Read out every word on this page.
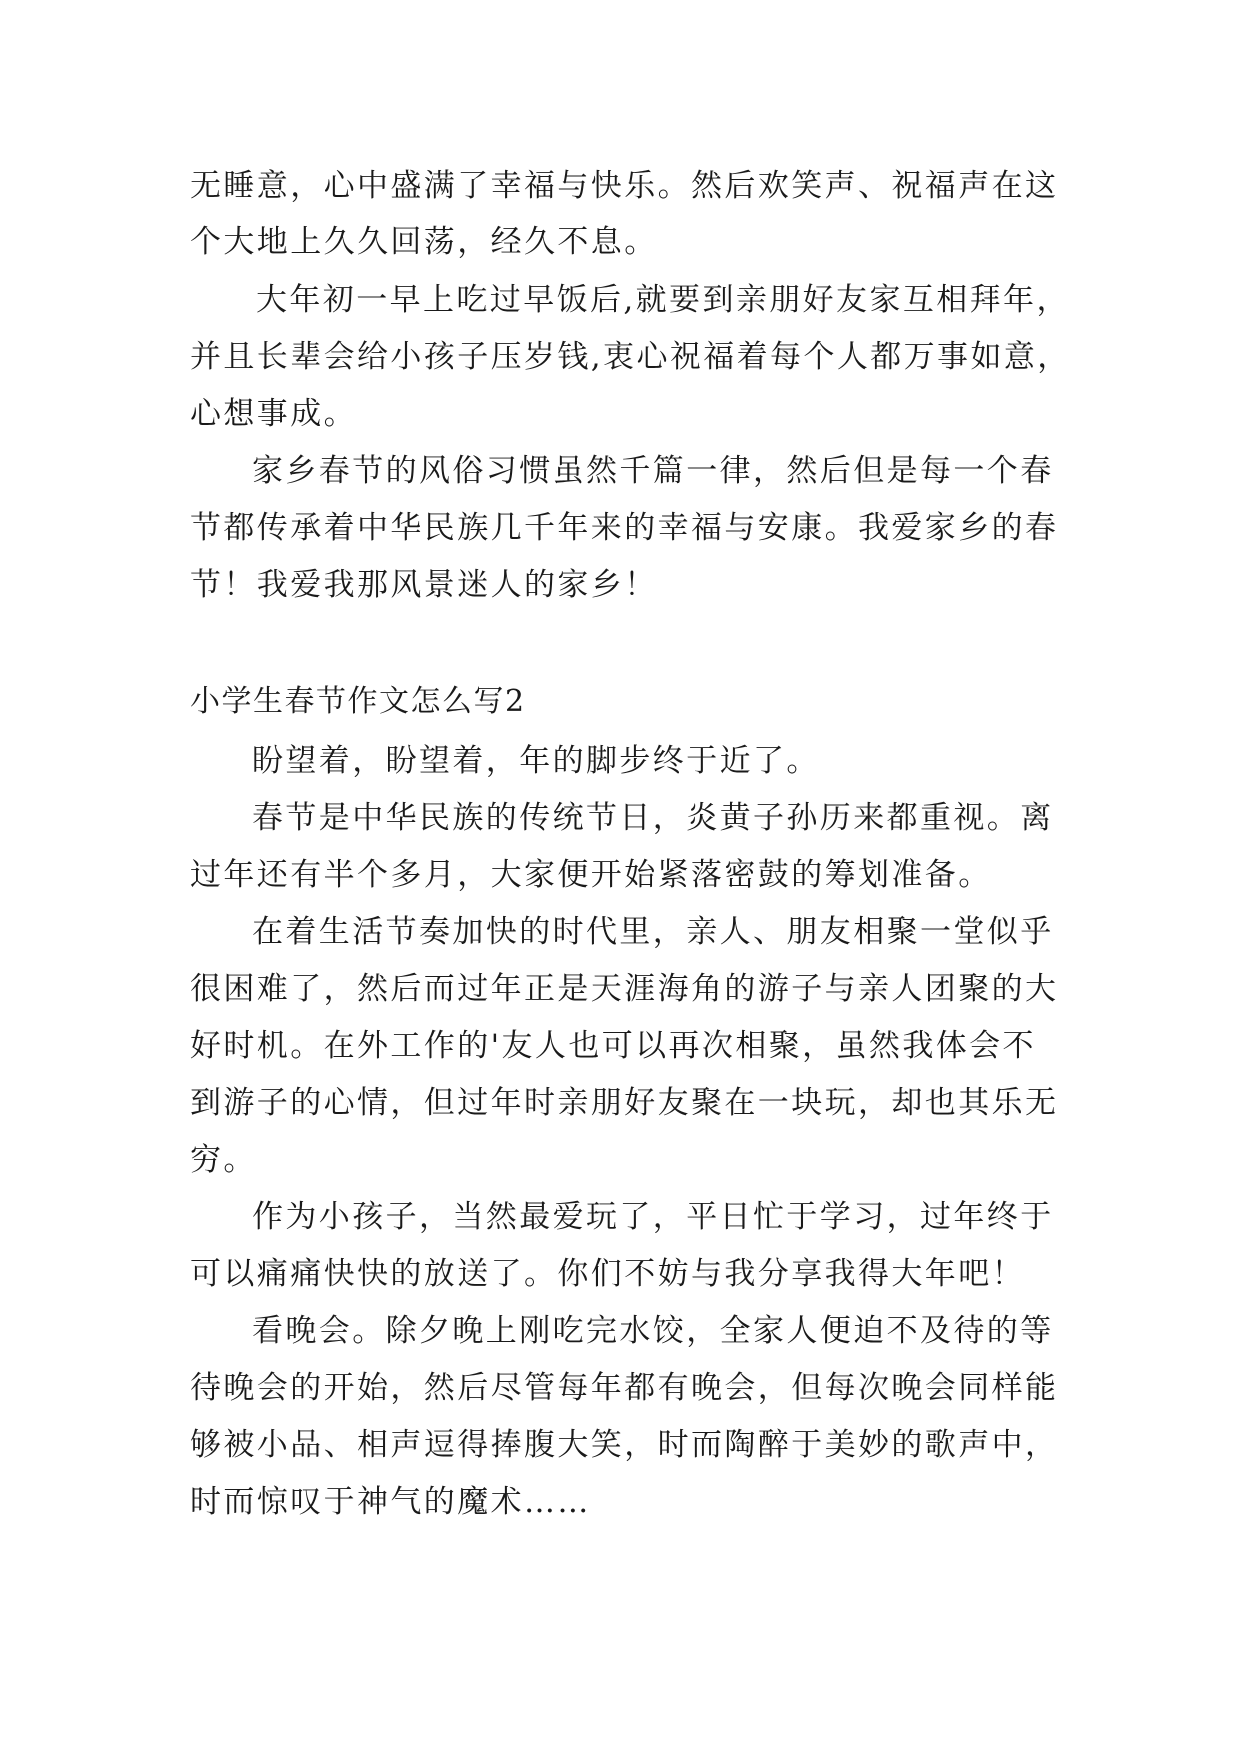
无睡意，心中盛满了幸福与快乐。然后欢笑声、祝福声在这
个大地上久久回荡，经久不息。
大年初一早上吃过早饭后,就要到亲朋好友家互相拜年，
并且长辈会给小孩子压岁钱,衷心祝福着每个人都万事如意，
心想事成。
家乡春节的风俗习惯虽然千篇一律，然后但是每一个春
节都传承着中华民族几千年来的幸福与安康。我爱家乡的春
节！我爱我那风景迷人的家乡！
小学生春节作文怎么写2
盼望着，盼望着，年的脚步终于近了。
春节是中华民族的传统节日，炎黄子孙历来都重视。离
过年还有半个多月，大家便开始紧落密鼓的筹划准备。
在着生活节奏加快的时代里，亲人、朋友相聚一堂似乎
很困难了，然后而过年正是天涯海角的游子与亲人团聚的大
好时机。在外工作的'友人也可以再次相聚，虽然我体会不
到游子的心情，但过年时亲朋好友聚在一块玩，却也其乐无
穷。
作为小孩子，当然最爱玩了，平日忙于学习，过年终于
可以痛痛快快的放送了。你们不妨与我分享我得大年吧！
看晚会。除夕晚上刚吃完水饺，全家人便迫不及待的等
待晚会的开始，然后尽管每年都有晚会，但每次晚会同样能
够被小品、相声逗得捧腹大笑，时而陶醉于美妙的歌声中，
时而惊叹于神气的魔术……
